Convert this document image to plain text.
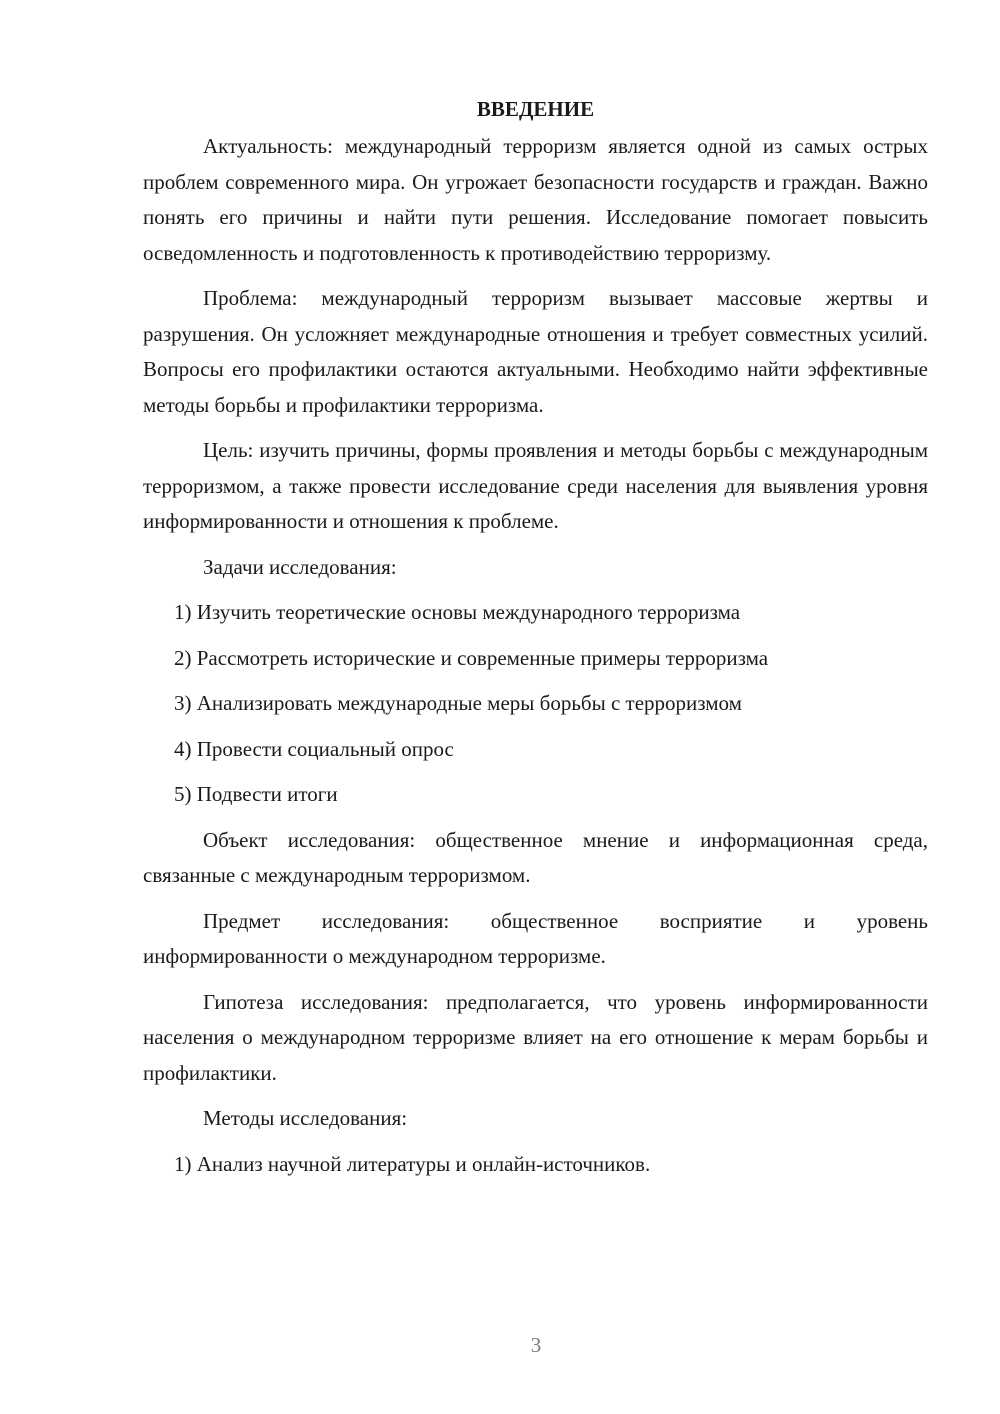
ВВЕДЕНИЕ

Актуальность: международный терроризм является одной из самых острых проблем современного мира. Он угрожает безопасности государств и граждан. Важно понять его причины и найти пути решения. Исследование помогает повысить осведомленность и подготовленность к противодействию терроризму.

Проблема: международный терроризм вызывает массовые жертвы и разрушения. Он усложняет международные отношения и требует совместных усилий. Вопросы его профилактики остаются актуальными. Необходимо найти эффективные методы борьбы и профилактики терроризма.

Цель: изучить причины, формы проявления и методы борьбы с международным терроризмом, а также провести исследование среди населения для выявления уровня информированности и отношения к проблеме.

Задачи исследования:

1) Изучить теоретические основы международного терроризма

2) Рассмотреть исторические и современные примеры терроризма

3) Анализировать международные меры борьбы с терроризмом

4) Провести социальный опрос

5) Подвести итоги

Объект исследования: общественное мнение и информационная среда, связанные с международным терроризмом.

Предмет исследования: общественное восприятие и уровень информированности о международном терроризме.

Гипотеза исследования: предполагается, что уровень информированности населения о международном терроризме влияет на его отношение к мерам борьбы и профилактики.

Методы исследования:

1) Анализ научной литературы и онлайн-источников.

3
